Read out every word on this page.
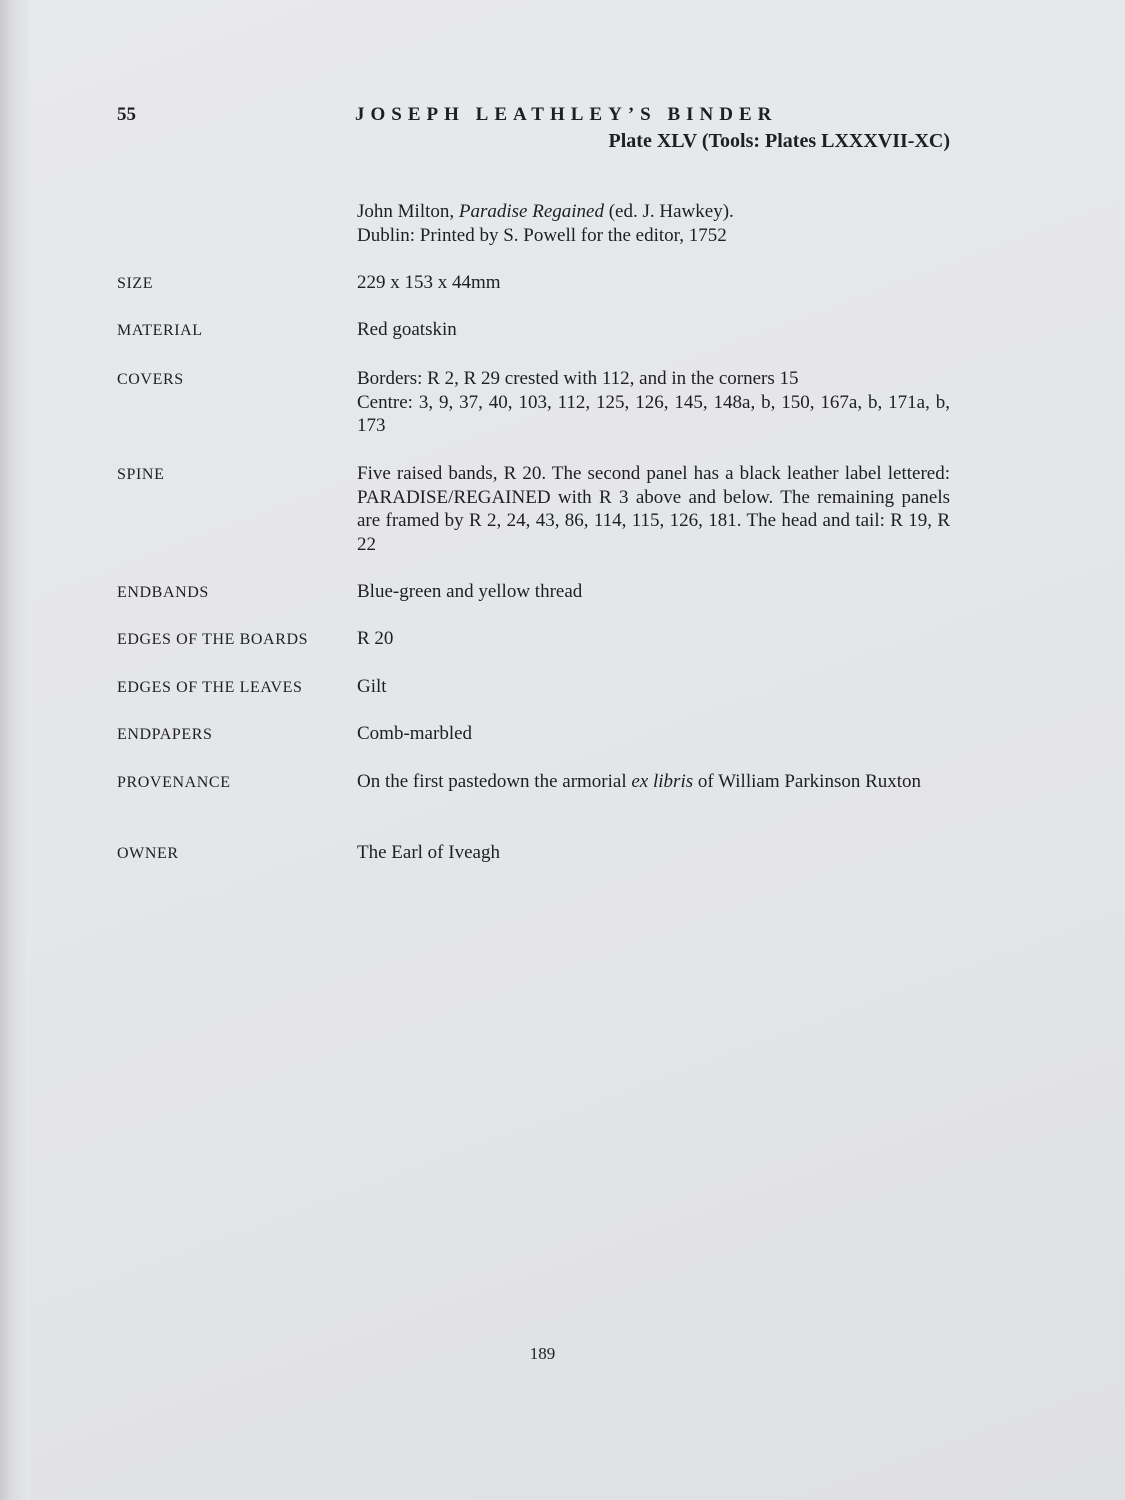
55	JOSEPH LEATHLEY’S BINDER
Plate XLV (Tools: Plates LXXXVII-XC)
John Milton, Paradise Regained (ed. J. Hawkey).
Dublin: Printed by S. Powell for the editor, 1752
SIZE	229 x 153 x 44mm
MATERIAL	Red goatskin
COVERS	Borders: R 2, R 29 crested with 112, and in the corners 15
Centre: 3, 9, 37, 40, 103, 112, 125, 126, 145, 148a, b, 150, 167a, b, 171a, b, 173
SPINE	Five raised bands, R 20. The second panel has a black leather label lettered: PARADISE/REGAINED with R 3 above and below. The remaining panels are framed by R 2, 24, 43, 86, 114, 115, 126, 181. The head and tail: R 19, R 22
ENDBANDS	Blue-green and yellow thread
EDGES OF THE BOARDS	R 20
EDGES OF THE LEAVES	Gilt
ENDPAPERS	Comb-marbled
PROVENANCE	On the first pastedown the armorial ex libris of William Parkinson Ruxton
OWNER	The Earl of Iveagh
189
